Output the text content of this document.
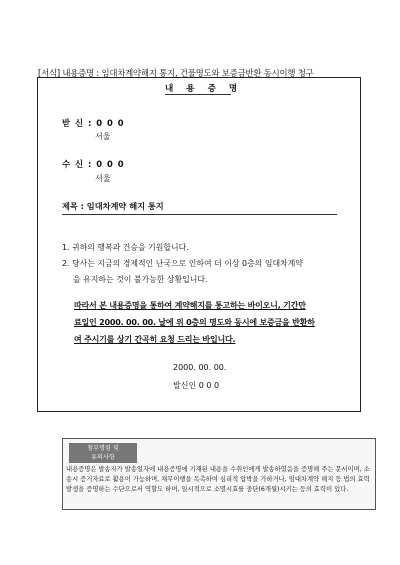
[서식] 내용증명 : 임대차계약해지 통지, 건물명도와 보증금반환 동시이행 청구
내 용 증 명
받 신 : 0 0 0
서울
수 신 : 0 0 0
서울
제목 : 임대차계약 해지 통지
1. 귀하의 행복과 건승을 기원합니다.
2. 당사는 지금의 경제적인 난국으로 인하여 더 이상 0층의 임대차계약
을 유지하는 것이 불가능한 상황입니다.
따라서 본 내용증명을 통하여 계약해지를 통고하는 바이오니, 기간만
료일인 2000. 00. 00. 날에 위 0층의 명도와 동시에 보증금을 반환하
여 주시기를 상기 간곡히 요청 드리는 바입니다.
2000. 00. 00.
발신인 0 0 0
첨부명령 및
유의사항
내용증명은 발송자가 발송일자에 내용증명에 기재된 내용을 수취인에게 발송하였음을 증명해 주는 문서이며, 소송시 증거자료로 활용이 가능하며, 채무이행을 독촉하여 심리적 압박을 가하거나, 임대차계약 해지 등 법의 효력발생을 증명하는 수단으로서 역할도 하며, 일시적으로 소멸시효를 중단(6개월)시키는 등의 효력이 있다.
